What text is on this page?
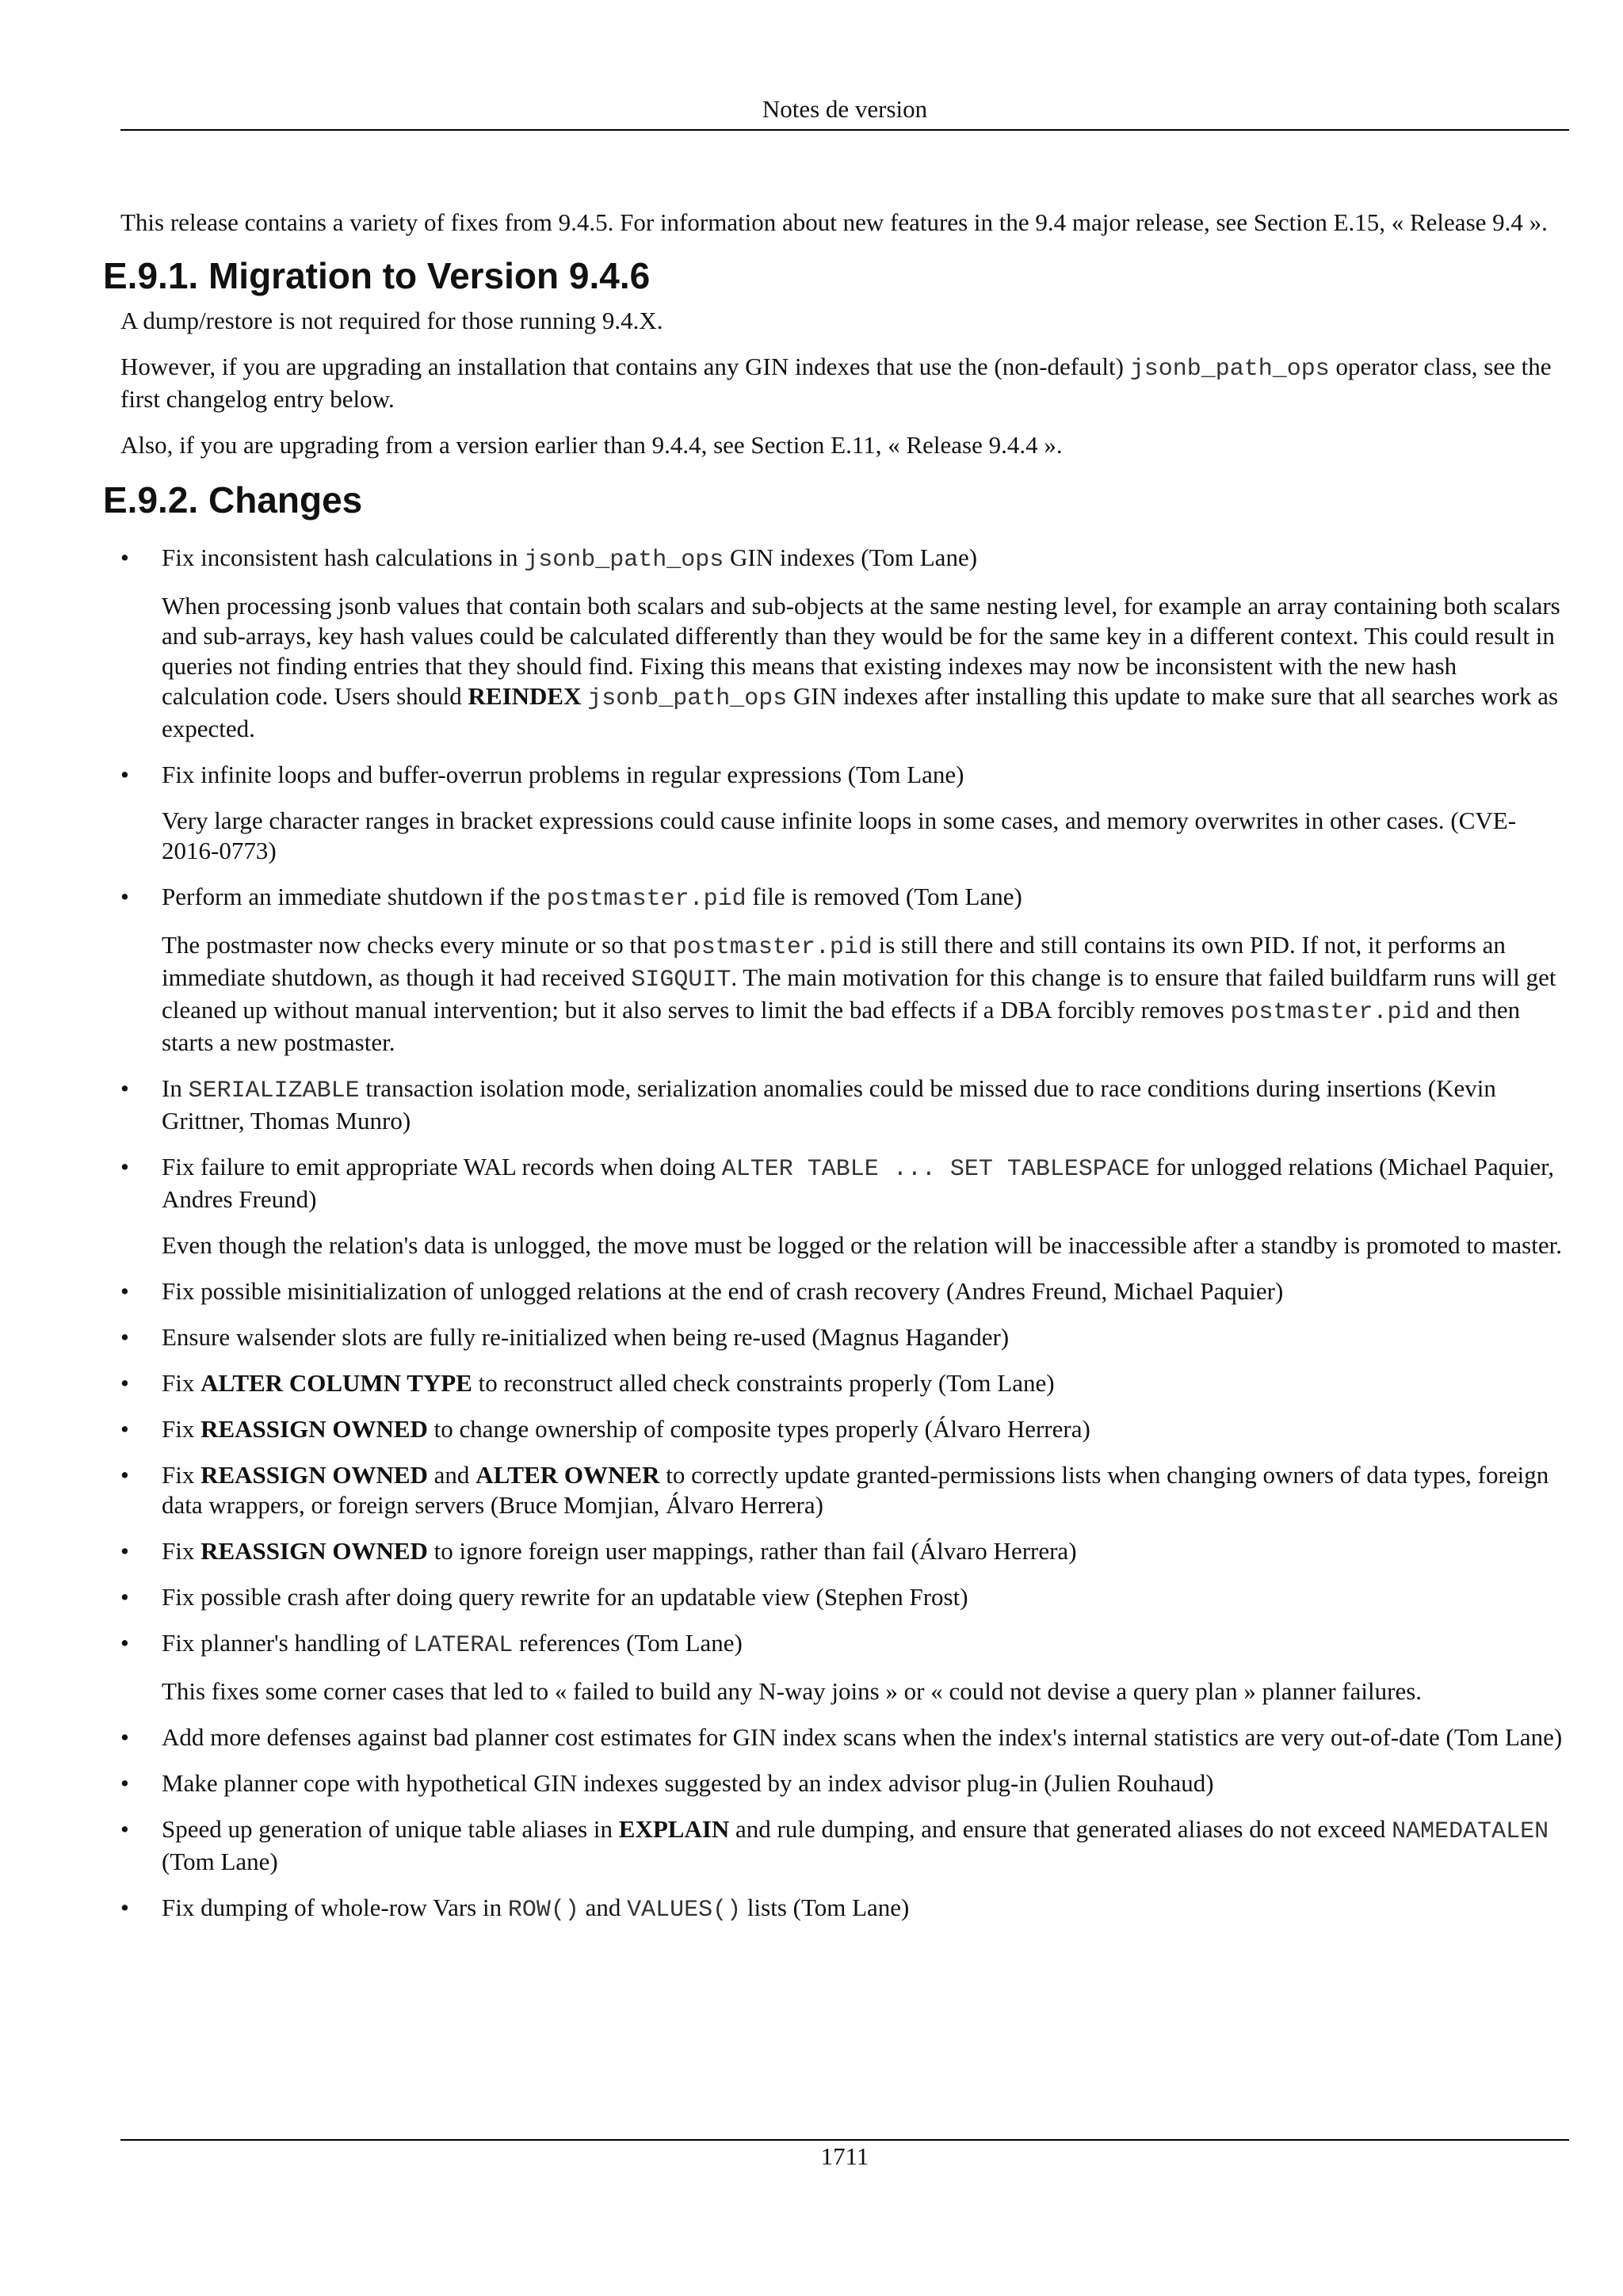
Notes de version

This release contains a variety of fixes from 9.4.5. For information about new features in the 9.4 major release, see Section E.15, « Release 9.4 ».

E.9.1. Migration to Version 9.4.6

A dump/restore is not required for those running 9.4.X.

However, if you are upgrading an installation that contains any GIN indexes that use the (non-default) jsonb_path_ops operator class, see the first changelog entry below.

Also, if you are upgrading from a version earlier than 9.4.4, see Section E.11, « Release 9.4.4 ».

E.9.2. Changes

• Fix inconsistent hash calculations in jsonb_path_ops GIN indexes (Tom Lane)

When processing jsonb values that contain both scalars and sub-objects at the same nesting level, for example an array containing both scalars and sub-arrays, key hash values could be calculated differently than they would be for the same key in a different context. This could result in queries not finding entries that they should find. Fixing this means that existing indexes may now be inconsistent with the new hash calculation code. Users should REINDEX jsonb_path_ops GIN indexes after installing this update to make sure that all searches work as expected.

• Fix infinite loops and buffer-overrun problems in regular expressions (Tom Lane)

Very large character ranges in bracket expressions could cause infinite loops in some cases, and memory overwrites in other cases. (CVE-2016-0773)

• Perform an immediate shutdown if the postmaster.pid file is removed (Tom Lane)

The postmaster now checks every minute or so that postmaster.pid is still there and still contains its own PID. If not, it performs an immediate shutdown, as though it had received SIGQUIT. The main motivation for this change is to ensure that failed buildfarm runs will get cleaned up without manual intervention; but it also serves to limit the bad effects if a DBA forcibly removes postmaster.pid and then starts a new postmaster.

• In SERIALIZABLE transaction isolation mode, serialization anomalies could be missed due to race conditions during insertions (Kevin Grittner, Thomas Munro)

• Fix failure to emit appropriate WAL records when doing ALTER TABLE ... SET TABLESPACE for unlogged relations (Michael Paquier, Andres Freund)

Even though the relation's data is unlogged, the move must be logged or the relation will be inaccessible after a standby is promoted to master.

• Fix possible misinitialization of unlogged relations at the end of crash recovery (Andres Freund, Michael Paquier)

• Ensure walsender slots are fully re-initialized when being re-used (Magnus Hagander)

• Fix ALTER COLUMN TYPE to reconstruct alled check constraints properly (Tom Lane)

• Fix REASSIGN OWNED to change ownership of composite types properly (Álvaro Herrera)

• Fix REASSIGN OWNED and ALTER OWNER to correctly update granted-permissions lists when changing owners of data types, foreign data wrappers, or foreign servers (Bruce Momjian, Álvaro Herrera)

• Fix REASSIGN OWNED to ignore foreign user mappings, rather than fail (Álvaro Herrera)

• Fix possible crash after doing query rewrite for an updatable view (Stephen Frost)

• Fix planner's handling of LATERAL references (Tom Lane)

This fixes some corner cases that led to « failed to build any N-way joins » or « could not devise a query plan » planner failures.

• Add more defenses against bad planner cost estimates for GIN index scans when the index's internal statistics are very out-of-date (Tom Lane)

• Make planner cope with hypothetical GIN indexes suggested by an index advisor plug-in (Julien Rouhaud)

• Speed up generation of unique table aliases in EXPLAIN and rule dumping, and ensure that generated aliases do not exceed NAMEDATALEN (Tom Lane)

• Fix dumping of whole-row Vars in ROW() and VALUES() lists (Tom Lane)

1711
